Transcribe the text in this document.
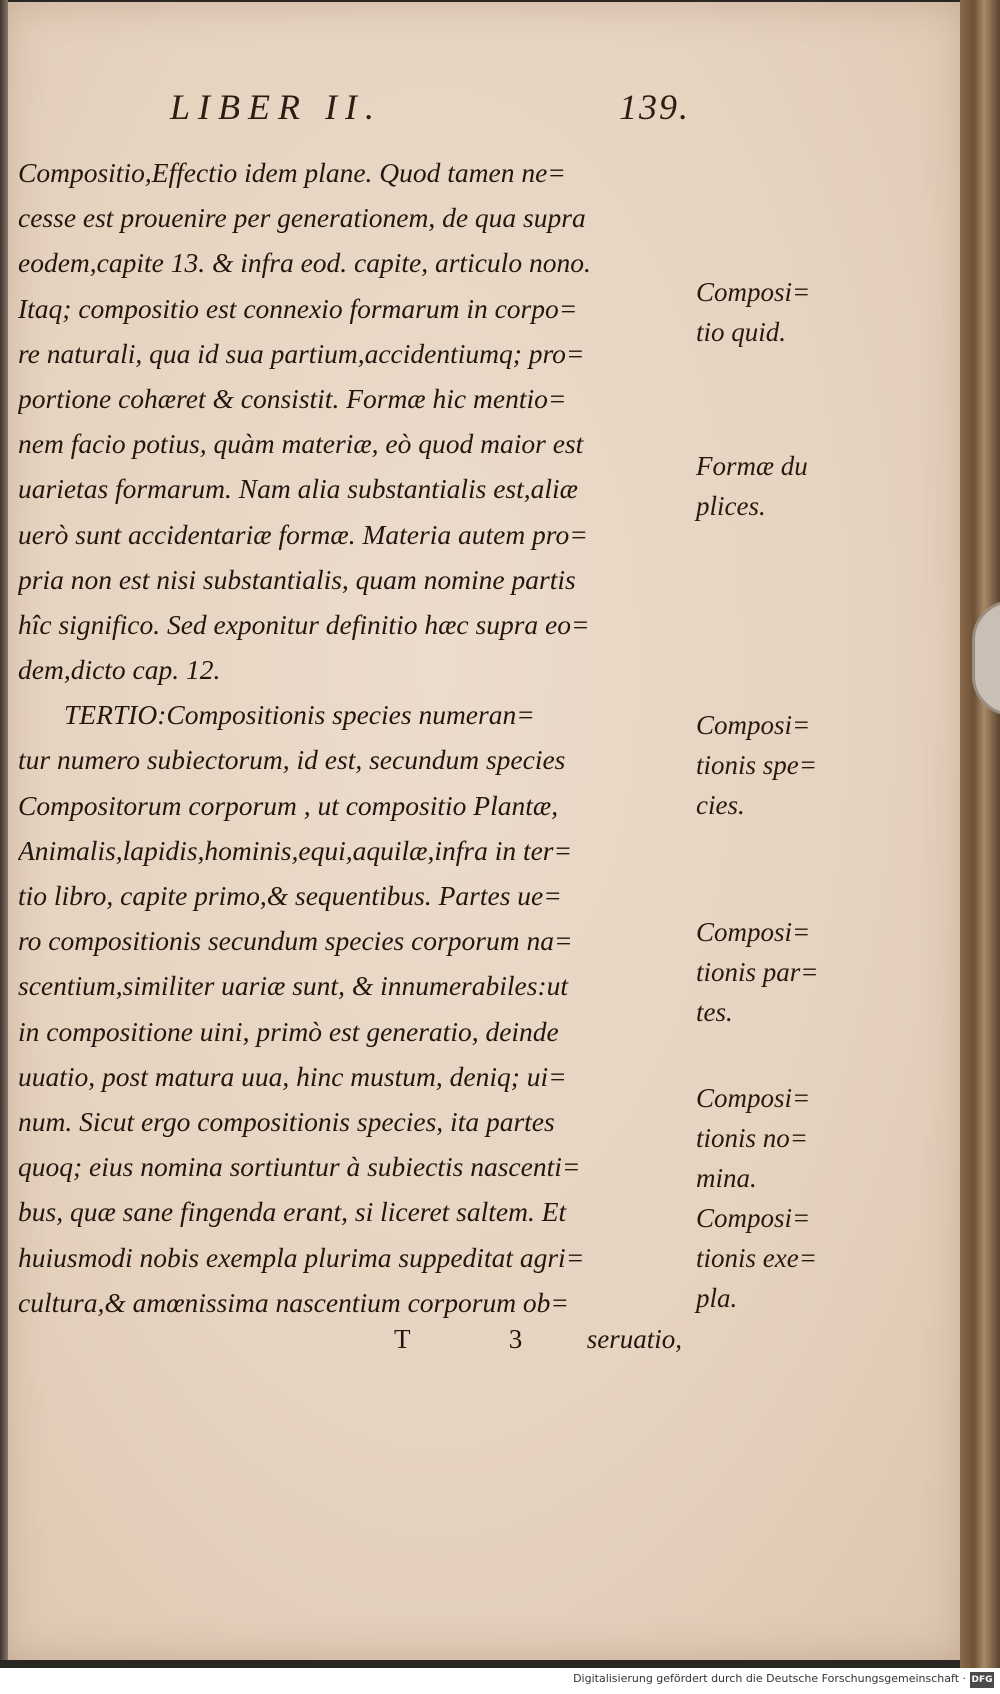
LIBER II.	139.
Compositio,Effectio idem plane. Quod tamen ne=
cesse est prouenire per generationem, de qua supra
eodem,capite 13. & infra eod. capite, articulo nono.
Itaq; compositio est connexio formarum in corpo=
re naturali, qua id sua partium,accidentiumq; pro=
portione cohæret & consistit. Formæ hic mentio=
nem facio potius, quàm materiæ, eò quod maior est
uarietas formarum. Nam alia substantialis est,aliæ
uerò sunt accidentariæ formæ. Materia autem pro=
pria non est nisi substantialis, quam nomine partis
hîc significo. Sed exponitur definitio hæc supra eo=
dem,dicto cap. 12.
TERTIO:Compositionis species numeran=
tur numero subiectorum, id est, secundum species
Compositorum corporum , ut compositio Plantæ,
Animalis,lapidis,hominis,equi,aquilæ,infra in ter=
tio libro, capite primo,& sequentibus. Partes ue=
ro compositionis secundum species corporum na=
scentium,similiter uariæ sunt, & innumerabiles:ut
in compositione uini, primò est generatio, deinde
uuatio, post matura uua, hinc mustum, deniq; ui=
num. Sicut ergo compositionis species, ita partes
quoq; eius nomina sortiuntur à subiectis nascenti=
bus, quæ sane fingenda erant, si liceret saltem. Et
huiusmodi nobis exempla plurima suppeditat agri=
cultura,& amœnissima nascentium corporum ob=
Composi=
tio quid.
Formæ du
plices.
Composi=
tionis spe=
cies.
Composi=
tionis par=
tes.
Composi=
tionis no=
mina.
Composi=
tionis exe=
pla.
T 3 seruatio,
Digitalisierung gefördert durch die Deutsche Forschungsgemeinschaft · DFG
